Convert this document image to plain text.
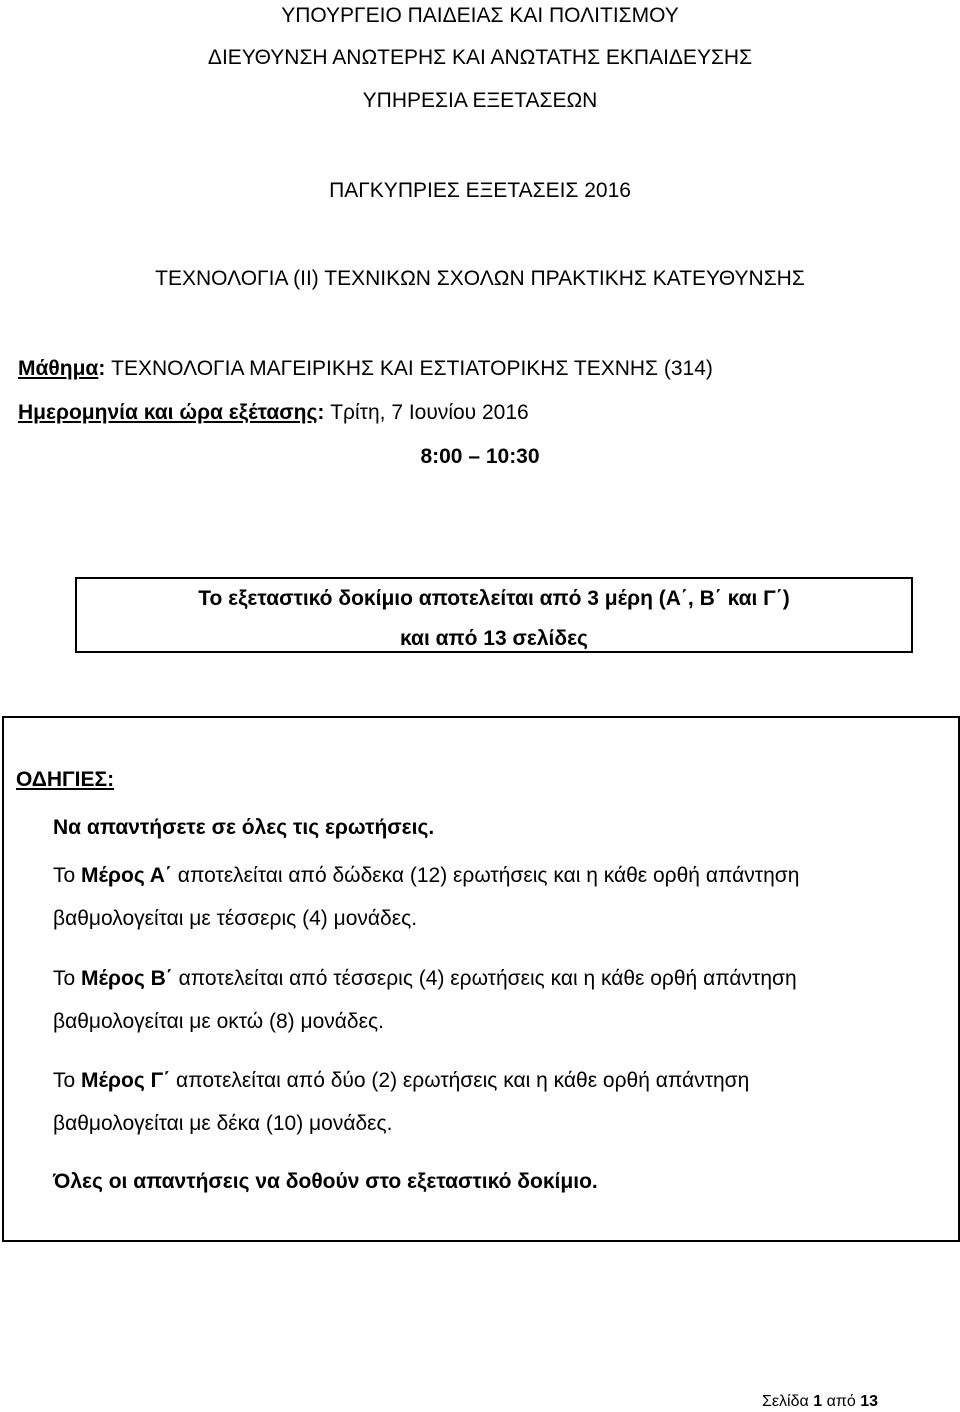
ΥΠΟΥΡΓΕΙΟ ΠΑΙΔΕΙΑΣ ΚΑΙ ΠΟΛΙΤΙΣΜΟΥ
ΔΙΕΥΘΥΝΣΗ ΑΝΩΤΕΡΗΣ ΚΑΙ ΑΝΩΤΑΤΗΣ ΕΚΠΑΙΔΕΥΣΗΣ
ΥΠΗΡΕΣΙΑ ΕΞΕΤΑΣΕΩΝ
ΠΑΓΚΥΠΡΙΕΣ ΕΞΕΤΑΣΕΙΣ 2016
ΤΕΧΝΟΛΟΓΙΑ (ΙΙ) ΤΕΧΝΙΚΩΝ ΣΧΟΛΩΝ ΠΡΑΚΤΙΚΗΣ ΚΑΤΕΥΘΥΝΣΗΣ
Μάθημα: ΤΕΧΝΟΛΟΓΙΑ ΜΑΓΕΙΡΙΚΗΣ ΚΑΙ ΕΣΤΙΑΤΟΡΙΚΗΣ ΤΕΧΝΗΣ (314)
Ημερομηνία και ώρα εξέτασης: Τρίτη, 7 Ιουνίου 2016
8:00 – 10:30
Το εξεταστικό δοκίμιο αποτελείται από 3 μέρη (Α΄, Β΄ και Γ΄)
και από 13 σελίδες
ΟΔΗΓΙΕΣ:
Να απαντήσετε σε όλες τις ερωτήσεις.
Το Μέρος Α΄ αποτελείται από δώδεκα (12) ερωτήσεις και η κάθε ορθή απάντηση
βαθμολογείται με τέσσερις (4) μονάδες.
Το Μέρος Β΄ αποτελείται από τέσσερις (4) ερωτήσεις και η κάθε ορθή απάντηση
βαθμολογείται με οκτώ (8) μονάδες.
Το Μέρος Γ΄ αποτελείται από δύο (2) ερωτήσεις και η κάθε ορθή απάντηση
βαθμολογείται με δέκα (10) μονάδες.
Όλες οι απαντήσεις να δοθούν στο εξεταστικό δοκίμιο.
Σελίδα 1 από 13
